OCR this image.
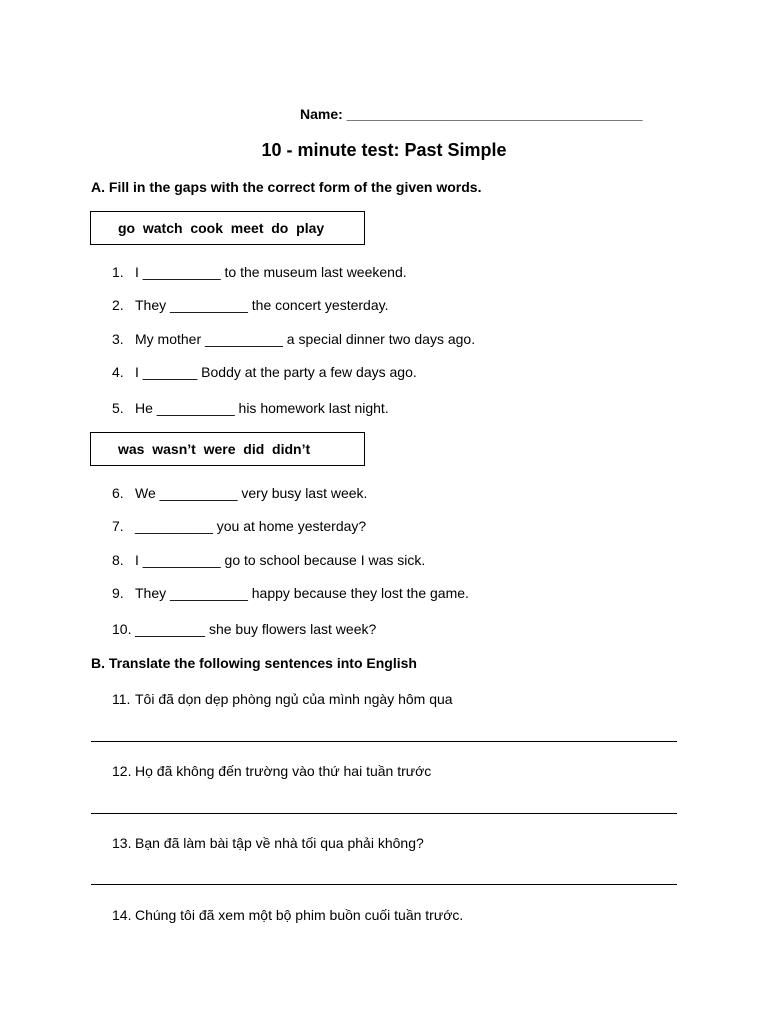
Name: ______________________________________
10 - minute test: Past Simple
A. Fill in the gaps with the correct form of the given words.
go  watch  cook  meet  do  play
1. I __________ to the museum last weekend.
2. They __________ the concert yesterday.
3. My mother __________ a special dinner two days ago.
4. I _______ Boddy at the party a few days ago.
5. He __________ his homework last night.
was  wasn’t  were  did  didn’t
6. We __________ very busy last week.
7. __________ you at home yesterday?
8. I __________ go to school because I was sick.
9. They __________ happy because they lost the game.
10. _________ she buy flowers last week?
B. Translate the following sentences into English
11. Tôi đã dọn dẹp phòng ngủ của mình ngày hôm qua
12. Họ đã không đến trường vào thứ hai tuần trước
13. Bạn đã làm bài tập về nhà tối qua phải không?
14. Chúng tôi đã xem một bộ phim buồn cuối tuần trước.
